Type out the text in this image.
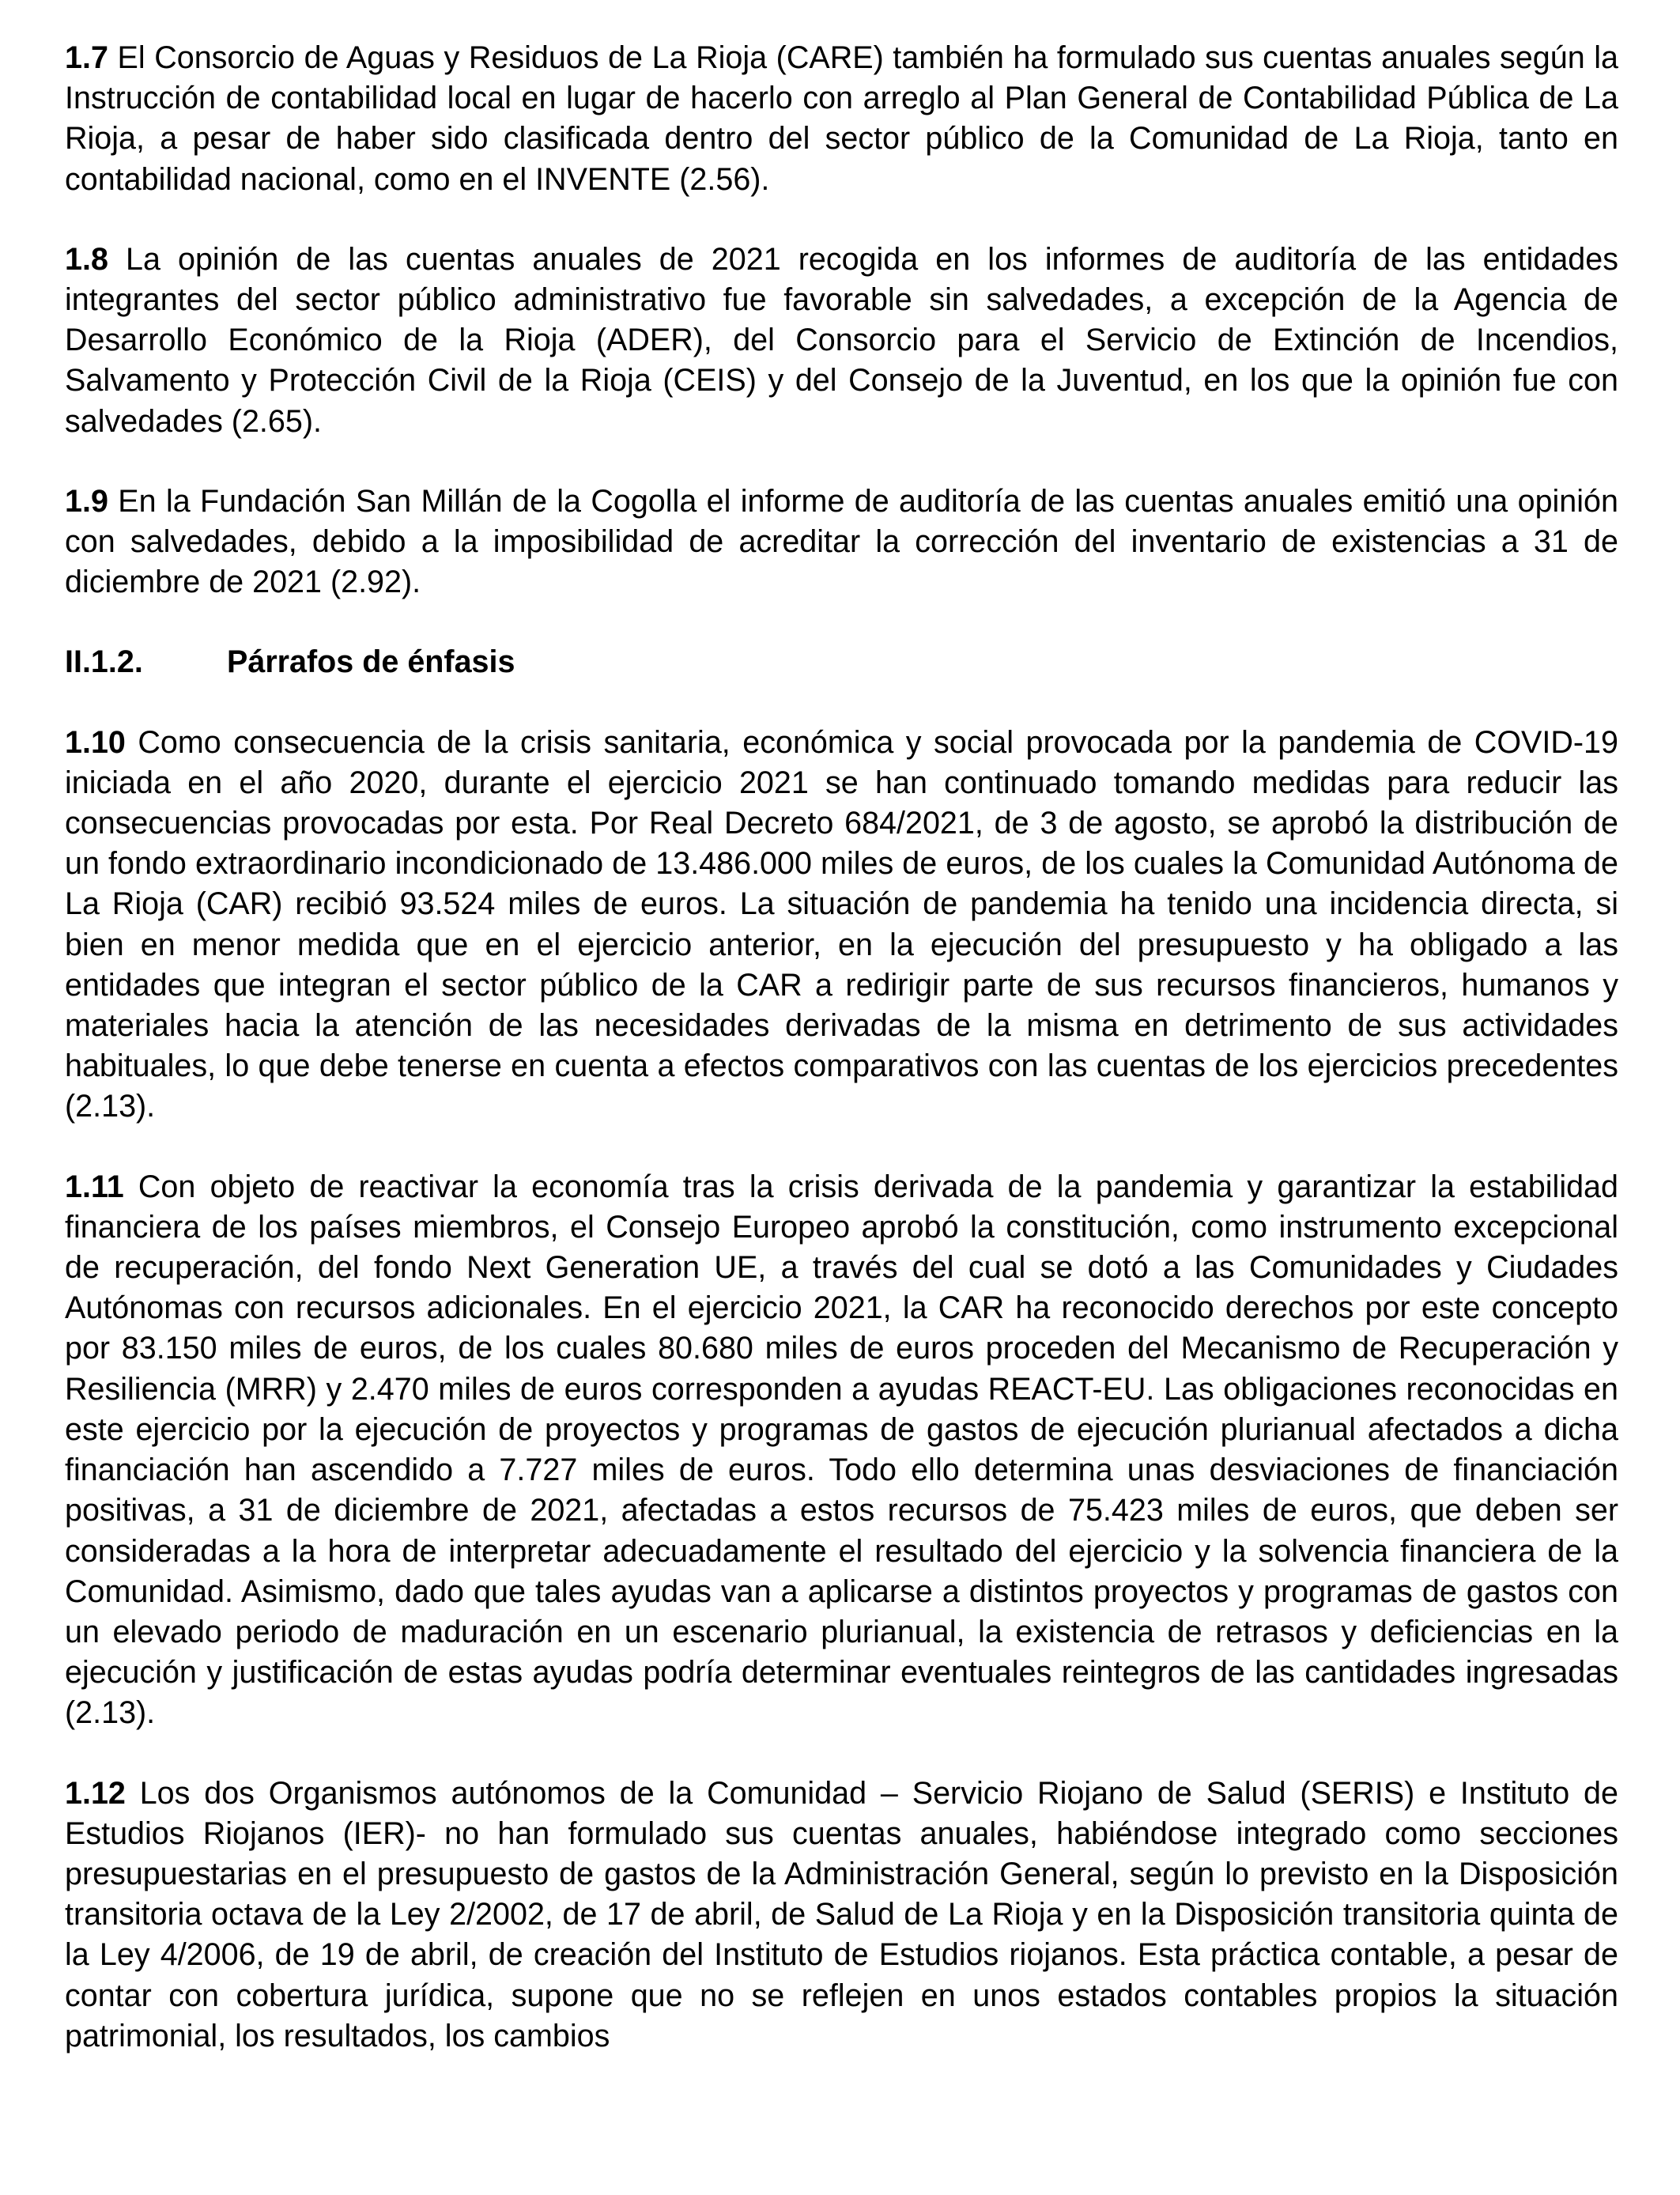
1.7 El Consorcio de Aguas y Residuos de La Rioja (CARE) también ha formulado sus cuentas anuales según la Instrucción de contabilidad local en lugar de hacerlo con arreglo al Plan General de Contabilidad Pública de La Rioja, a pesar de haber sido clasificada dentro del sector público de la Comunidad de La Rioja, tanto en contabilidad nacional, como en el INVENTE (2.56).

1.8 La opinión de las cuentas anuales de 2021 recogida en los informes de auditoría de las entidades integrantes del sector público administrativo fue favorable sin salvedades, a excepción de la Agencia de Desarrollo Económico de la Rioja (ADER), del Consorcio para el Servicio de Extinción de Incendios, Salvamento y Protección Civil de la Rioja (CEIS) y del Consejo de la Juventud, en los que la opinión fue con salvedades (2.65).

1.9 En la Fundación San Millán de la Cogolla el informe de auditoría de las cuentas anuales emitió una opinión con salvedades, debido a la imposibilidad de acreditar la corrección del inventario de existencias a 31 de diciembre de 2021 (2.92).

II.1.2.	Párrafos de énfasis

1.10 Como consecuencia de la crisis sanitaria, económica y social provocada por la pandemia de COVID-19 iniciada en el año 2020, durante el ejercicio 2021 se han continuado tomando medidas para reducir las consecuencias provocadas por esta. Por Real Decreto 684/2021, de 3 de agosto, se aprobó la distribución de un fondo extraordinario incondicionado de 13.486.000 miles de euros, de los cuales la Comunidad Autónoma de La Rioja (CAR) recibió 93.524 miles de euros. La situación de pandemia ha tenido una incidencia directa, si bien en menor medida que en el ejercicio anterior, en la ejecución del presupuesto y ha obligado a las entidades que integran el sector público de la CAR a redirigir parte de sus recursos financieros, humanos y materiales hacia la atención de las necesidades derivadas de la misma en detrimento de sus actividades habituales, lo que debe tenerse en cuenta a efectos comparativos con las cuentas de los ejercicios precedentes (2.13).

1.11 Con objeto de reactivar la economía tras la crisis derivada de la pandemia y garantizar la estabilidad financiera de los países miembros, el Consejo Europeo aprobó la constitución, como instrumento excepcional de recuperación, del fondo Next Generation UE, a través del cual se dotó a las Comunidades y Ciudades Autónomas con recursos adicionales. En el ejercicio 2021, la CAR ha reconocido derechos por este concepto por 83.150 miles de euros, de los cuales 80.680 miles de euros proceden del Mecanismo de Recuperación y Resiliencia (MRR) y 2.470 miles de euros corresponden a ayudas REACT-EU. Las obligaciones reconocidas en este ejercicio por la ejecución de proyectos y programas de gastos de ejecución plurianual afectados a dicha financiación han ascendido a 7.727 miles de euros. Todo ello determina unas desviaciones de financiación positivas, a 31 de diciembre de 2021, afectadas a estos recursos de 75.423 miles de euros, que deben ser consideradas a la hora de interpretar adecuadamente el resultado del ejercicio y la solvencia financiera de la Comunidad. Asimismo, dado que tales ayudas van a aplicarse a distintos proyectos y programas de gastos con un elevado periodo de maduración en un escenario plurianual, la existencia de retrasos y deficiencias en la ejecución y justificación de estas ayudas podría determinar eventuales reintegros de las cantidades ingresadas (2.13).

1.12 Los dos Organismos autónomos de la Comunidad – Servicio Riojano de Salud (SERIS) e Instituto de Estudios Riojanos (IER)- no han formulado sus cuentas anuales, habiéndose integrado como secciones presupuestarias en el presupuesto de gastos de la Administración General, según lo previsto en la Disposición transitoria octava de la Ley 2/2002, de 17 de abril, de Salud de La Rioja y en la Disposición transitoria quinta de la Ley 4/2006, de 19 de abril, de creación del Instituto de Estudios riojanos. Esta práctica contable, a pesar de contar con cobertura jurídica, supone que no se reflejen en unos estados contables propios la situación patrimonial, los resultados, los cambios
